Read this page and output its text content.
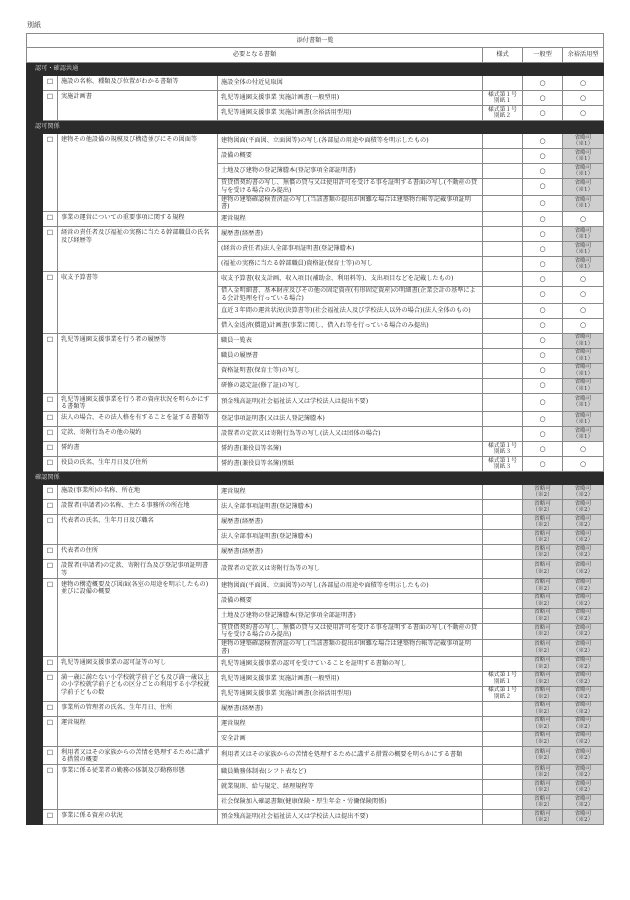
別紙
添付書類一覧						
必要となる書類				様式	一般型	余裕活用型
認可・確認共通						
	☐	施設の名称、種類及び位置がわかる書類等	施設全体の付近見取図		○	○
	☐	実施計画書	乳児等通園支援事業 実施計画書(一般型用)	様式第１号 別紙１	○	○
			乳児等通園支援事業 実施計画書(余裕活用型用)	様式第１号 別紙２	○	○
認可関係						
	☐	建物その他設備の規模及び構造並びにその図面等	建物図面(平面図、立面図等)の写し(各部屋の用途や面積等を明示したもの)		○	省略可（※1）
			設備の概要		○	省略可（※1）
			土地及び建物の登記簿謄本(登記事項全部証明書)		○	省略可（※1）
			賃貸借契約書の写し、無償の貸与又は使用許可を受ける事を証明する書面の写し(不動産の貸与を受ける場合のみ提出)		○	省略可（※1）
			建物の建築確認検査済証の写し(当該書類の提出が困難な場合は建築物台帳等記載事項証明書)		○	省略可（※1）
	☐	事業の運営についての重要事項に関する規程	運営規程		○	○
	☐	経営の責任者及び福祉の実務に当たる幹部職員の氏名及び経歴等	履歴書(経歴書)		○	省略可（※1）
			(経営の責任者)法人全部事項証明書(登記簿謄本)		○	省略可（※1）
			(福祉の実務に当たる幹部職員)資格証(保育士等)の写し		○	省略可（※1）
	☐	収支予算書等	収支予算書(収支計画、収入項目(補助金、利用料等)、支出項目などを記載したもの)		○	○
			借入金明細書、基本財産及びその他の固定資産(有形固定資産)の明細書(企業会計の基準による会計処理を行っている場合)		○	○
			直近３年間の運営状況(決算書等)(社会福祉法人及び学校法人以外の場合)(法人全体のもの)		○	○
			借入金返済(償還)計画書(事業に関し、借入れ等を行っている場合のみ提出)		○	○
	☐	乳児等通園支援事業を行う者の履歴等	職員一覧表		○	省略可（※1）
			職員の履歴書		○	省略可（※1）
			資格証明書(保育士等)の写し		○	省略可（※1）
			研修の認定証(修了証)の写し		○	省略可（※1）
	☐	乳児等通園支援事業を行う者の資産状況を明らかにする書類等	預金残高証明(社会福祉法人又は学校法人は提出不要)		○	省略可（※1）
	☐	法人の場合、その法人格を有することを証する書類等	登記事項証明書(又は法人登記簿謄本)		○	省略可（※1）
	☐	定款、寄附行為その他の規約	設置者の定款又は寄附行為等の写し(法人又は団体の場合)		○	省略可（※1）
	☐	誓約書	誓約書(兼役員等名簿)	様式第１号 別紙３	○	○
	☐	役員の氏名、生年月日及び住所	誓約書(兼役員等名簿)別紙	様式第１号 別紙３	○	○
確認関係						
	☐	施設(事業所)の名称、所在地	運営規程		省略可（※2）	省略可（※2）
	☐	設置者(申請者)の名称、主たる事務所の所在地	法人全部事項証明書(登記簿謄本)		省略可（※2）	省略可（※2）
	☐	代表者の氏名、生年月日及び職名	履歴書(経歴書)		省略可（※2）	省略可（※2）
			法人全部事項証明書(登記簿謄本)		省略可（※2）	省略可（※2）
	☐	代表者の住所	履歴書(経歴書)		省略可（※2）	省略可（※2）
	☐	設置者(申請者)の定款、寄附行為及び登記事項証明書 等	設置者の定款又は寄附行為等の写し		省略可（※2）	省略可（※2）
	☐	建物の構造概要及び図面(各室の用途を明示したもの) 並びに設備の概要	建物図面(平面図、立面図等)の写し(各部屋の用途や面積等を明示したもの)		省略可（※2）	省略可（※2）
			設備の概要		省略可（※2）	省略可（※2）
			土地及び建物の登記簿謄本(登記事項全部証明書)		省略可（※2）	省略可（※2）
			賃貸借契約書の写し、無償の貸与又は使用許可を受ける事を証明する書面の写し(不動産の貸与を受ける場合のみ提出)		省略可（※2）	省略可（※2）
			建物の建築確認検査済証の写し(当該書類の提出が困難な場合は建築物台帳等記載事項証明書)		省略可（※2）	省略可（※2）
	☐	乳児等通園支援事業の認可証等の写し	乳児等通園支援事業の認可を受けていることを証明する書類の写し		省略可（※2）	省略可（※2）
	☐	満一歳に満たない小学校就学前子ども及び満一歳以上の小学校就学前子どもの区分ごとの利用する小学校就学前子どもの数	乳児等通園支援事業 実施計画書(一般型用)	様式第１号 別紙１	省略可（※2）	省略可（※2）
			乳児等通園支援事業 実施計画書(余裕活用型用)	様式第１号 別紙２	省略可（※2）	省略可（※2）
	☐	事業所の管理者の氏名、生年月日、住所	履歴書(経歴書)		省略可（※2）	省略可（※2）
	☐	運営規程	運営規程		省略可（※2）	省略可（※2）
			安全計画		省略可（※2）	省略可（※2）
	☐	利用者又はその家族からの苦情を処理するために講ずる措置の概要	利用者又はその家族からの苦情を処理するために講ずる措置の概要を明らかにする書類		省略可（※2）	省略可（※2）
	☐	事業に係る従業者の勤務の体制及び勤務形態	職員勤務体制表(シフト表など)		省略可（※2）	省略可（※2）
			就業規則、給与規定、経理規程等		省略可（※2）	省略可（※2）
			社会保険加入確認書類(健康保険・厚生年金・労働保険関係)		省略可（※2）	省略可（※2）
	☐	事業に係る資産の状況	預金残高証明(社会福祉法人又は学校法人は提出不要)		省略可（※2）	省略可（※2）
